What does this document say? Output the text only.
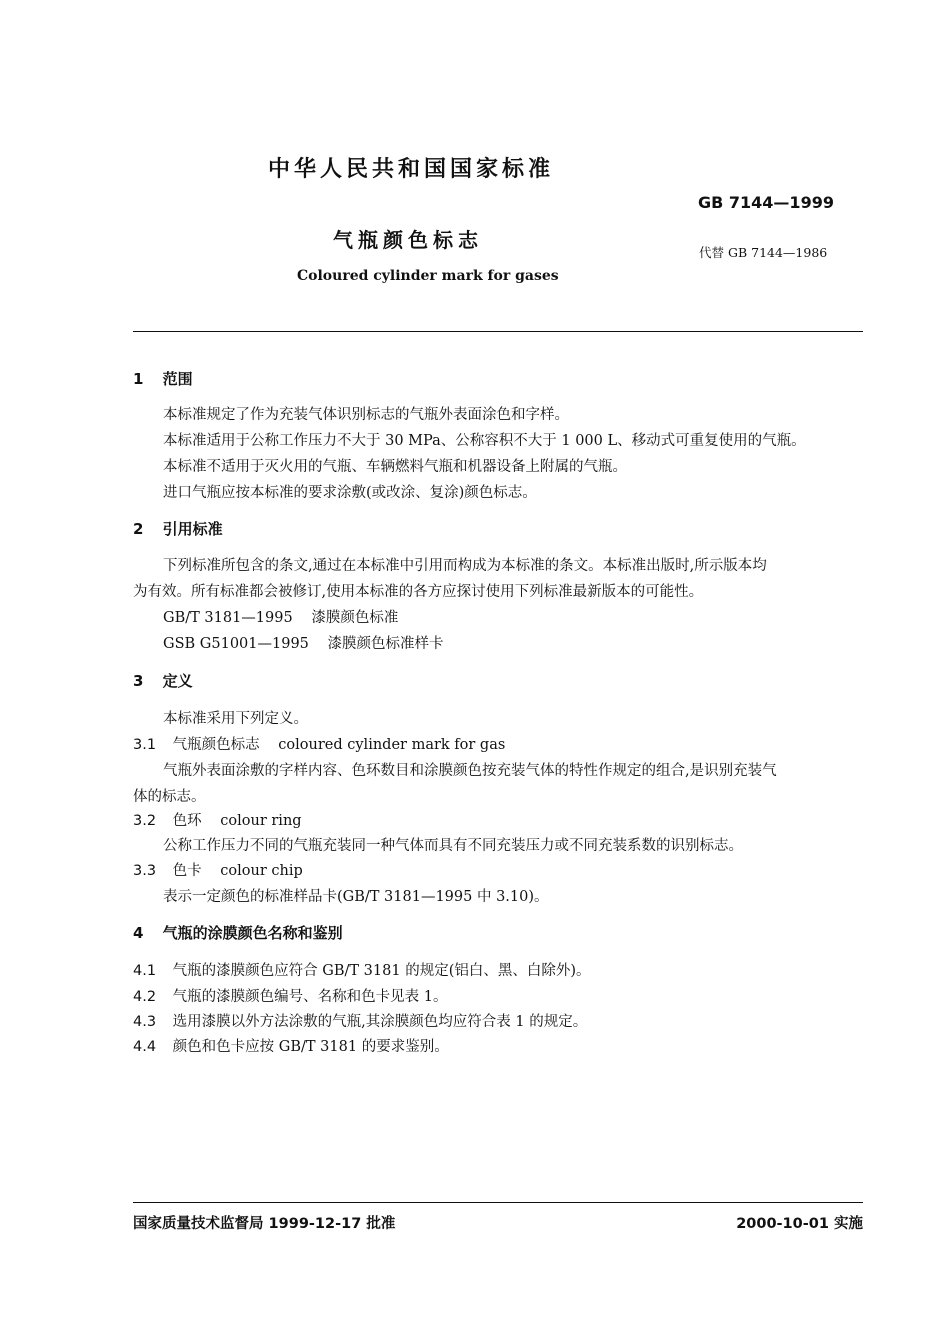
中华人民共和国国家标准
GB 7144—1999
气瓶颜色标志
代替 GB 7144—1986
Coloured cylinder mark for gases
1 范围
本标准规定了作为充装气体识别标志的气瓶外表面涂色和字样。
本标准适用于公称工作压力不大于 30 MPa、公称容积不大于 1 000 L、移动式可重复使用的气瓶。
本标准不适用于灭火用的气瓶、车辆燃料气瓶和机器设备上附属的气瓶。
进口气瓶应按本标准的要求涂敷(或改涂、复涂)颜色标志。
2 引用标准
下列标准所包含的条文,通过在本标准中引用而构成为本标准的条文。本标准出版时,所示版本均
为有效。所有标准都会被修订,使用本标准的各方应探讨使用下列标准最新版本的可能性。
GB/T 3181—1995 漆膜颜色标准
GSB G51001—1995 漆膜颜色标准样卡
3 定义
本标准采用下列定义。
3.1 气瓶颜色标志 coloured cylinder mark for gas
气瓶外表面涂敷的字样内容、色环数目和涂膜颜色按充装气体的特性作规定的组合,是识别充装气
体的标志。
3.2 色环 colour ring
公称工作压力不同的气瓶充装同一种气体而具有不同充装压力或不同充装系数的识别标志。
3.3 色卡 colour chip
表示一定颜色的标准样品卡(GB/T 3181—1995 中 3.10)。
4 气瓶的涂膜颜色名称和鉴别
4.1 气瓶的漆膜颜色应符合 GB/T 3181 的规定(铝白、黑、白除外)。
4.2 气瓶的漆膜颜色编号、名称和色卡见表 1。
4.3 选用漆膜以外方法涂敷的气瓶,其涂膜颜色均应符合表 1 的规定。
4.4 颜色和色卡应按 GB/T 3181 的要求鉴别。
国家质量技术监督局 1999-12-17 批准	2000-10-01 实施
